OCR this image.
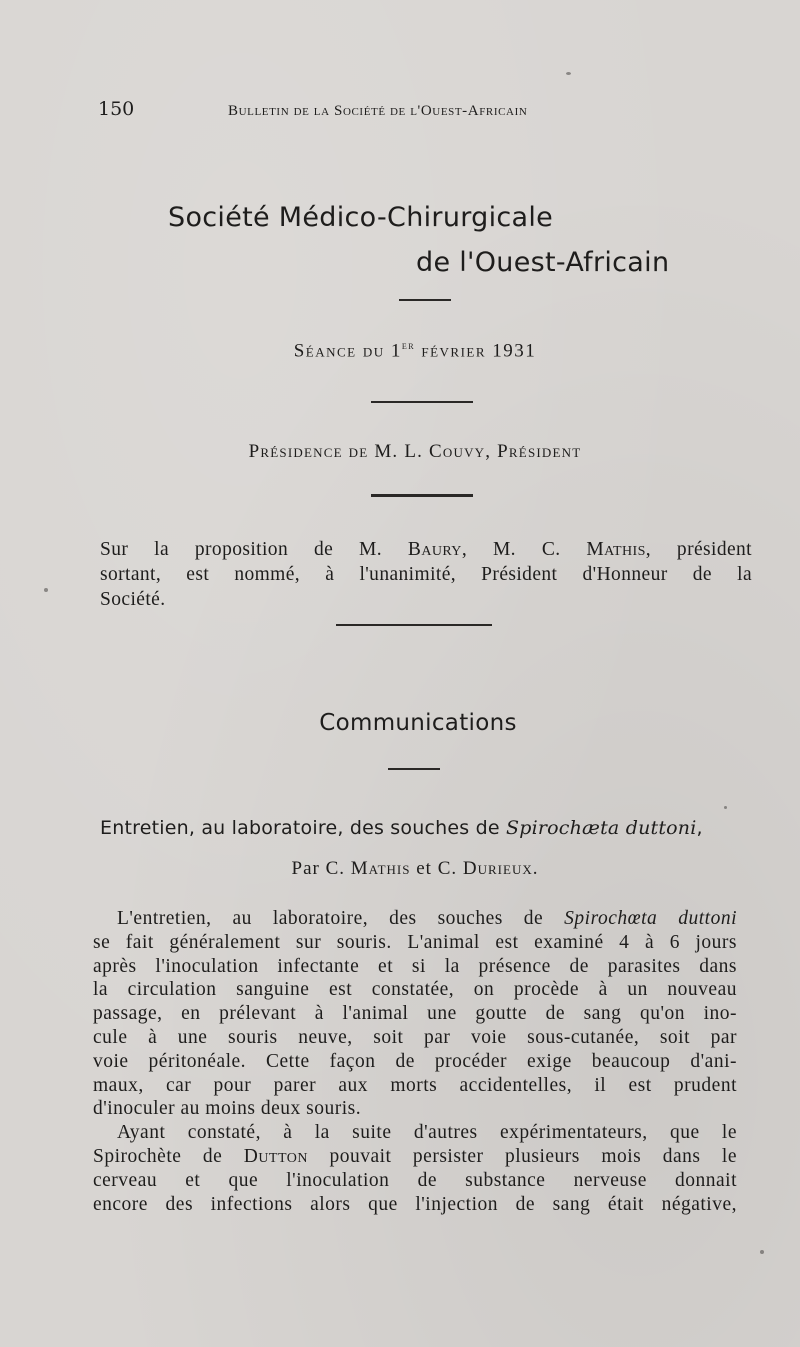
150	Bulletin de la Société de l'Ouest-Africain
Société Médico-Chirurgicale
de l'Ouest-Africain
Séance du 1er février 1931
Présidence de M. L. Couvy, Président
Sur la proposition de M. Baury, M. C. Mathis, président
sortant, est nommé, à l'unanimité, Président d'Honneur de la
Société.
Communications
Entretien, au laboratoire, des souches de Spirochæta duttoni,
Par C. Mathis et C. Durieux.
L'entretien, au laboratoire, des souches de Spirochœta duttoni
se fait généralement sur souris. L'animal est examiné 4 à 6 jours
après l'inoculation infectante et si la présence de parasites dans
la circulation sanguine est constatée, on procède à un nouveau
passage, en prélevant à l'animal une goutte de sang qu'on ino-
cule à une souris neuve, soit par voie sous-cutanée, soit par
voie péritonéale. Cette façon de procéder exige beaucoup d'ani-
maux, car pour parer aux morts accidentelles, il est prudent
d'inoculer au moins deux souris.
Ayant constaté, à la suite d'autres expérimentateurs, que le
Spirochète de Dutton pouvait persister plusieurs mois dans le
cerveau et que l'inoculation de substance nerveuse donnait
encore des infections alors que l'injection de sang était négative,
